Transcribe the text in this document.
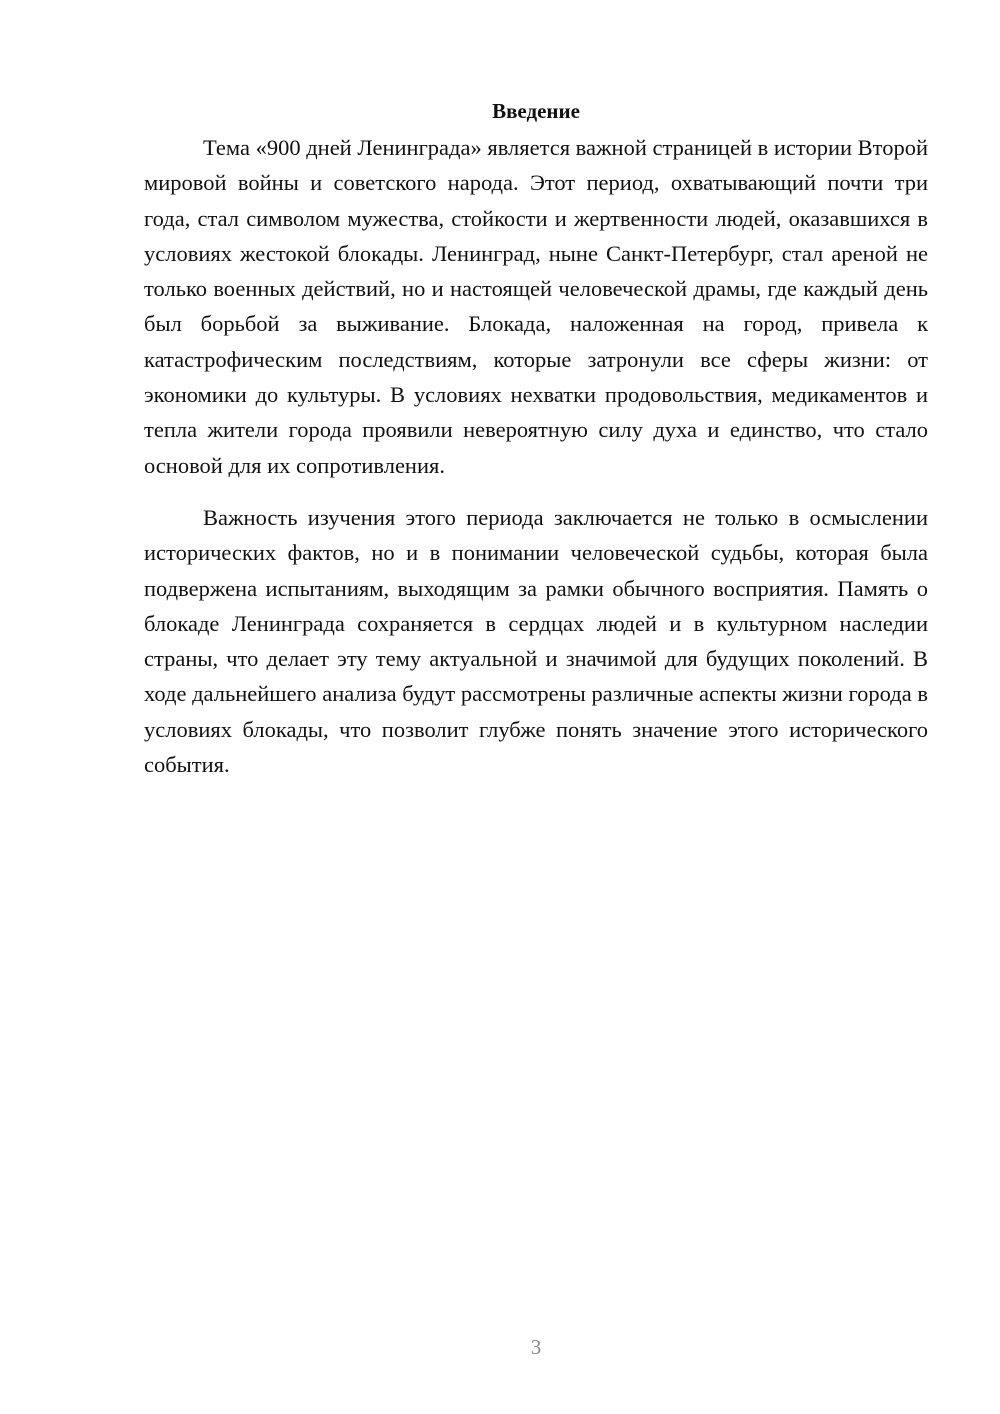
Введение

Тема «900 дней Ленинграда» является важной страницей в истории Второй мировой войны и советского народа. Этот период, охватывающий почти три года, стал символом мужества, стойкости и жертвенности людей, оказавшихся в условиях жестокой блокады. Ленинград, ныне Санкт-Петербург, стал ареной не только военных действий, но и настоящей человеческой драмы, где каждый день был борьбой за выживание. Блокада, наложенная на город, привела к катастрофическим последствиям, которые затронули все сферы жизни: от экономики до культуры. В условиях нехватки продовольствия, медикаментов и тепла жители города проявили невероятную силу духа и единство, что стало основой для их сопротивления.

Важность изучения этого периода заключается не только в осмыслении исторических фактов, но и в понимании человеческой судьбы, которая была подвержена испытаниям, выходящим за рамки обычного восприятия. Память о блокаде Ленинграда сохраняется в сердцах людей и в культурном наследии страны, что делает эту тему актуальной и значимой для будущих поколений. В ходе дальнейшего анализа будут рассмотрены различные аспекты жизни города в условиях блокады, что позволит глубже понять значение этого исторического события.

3
